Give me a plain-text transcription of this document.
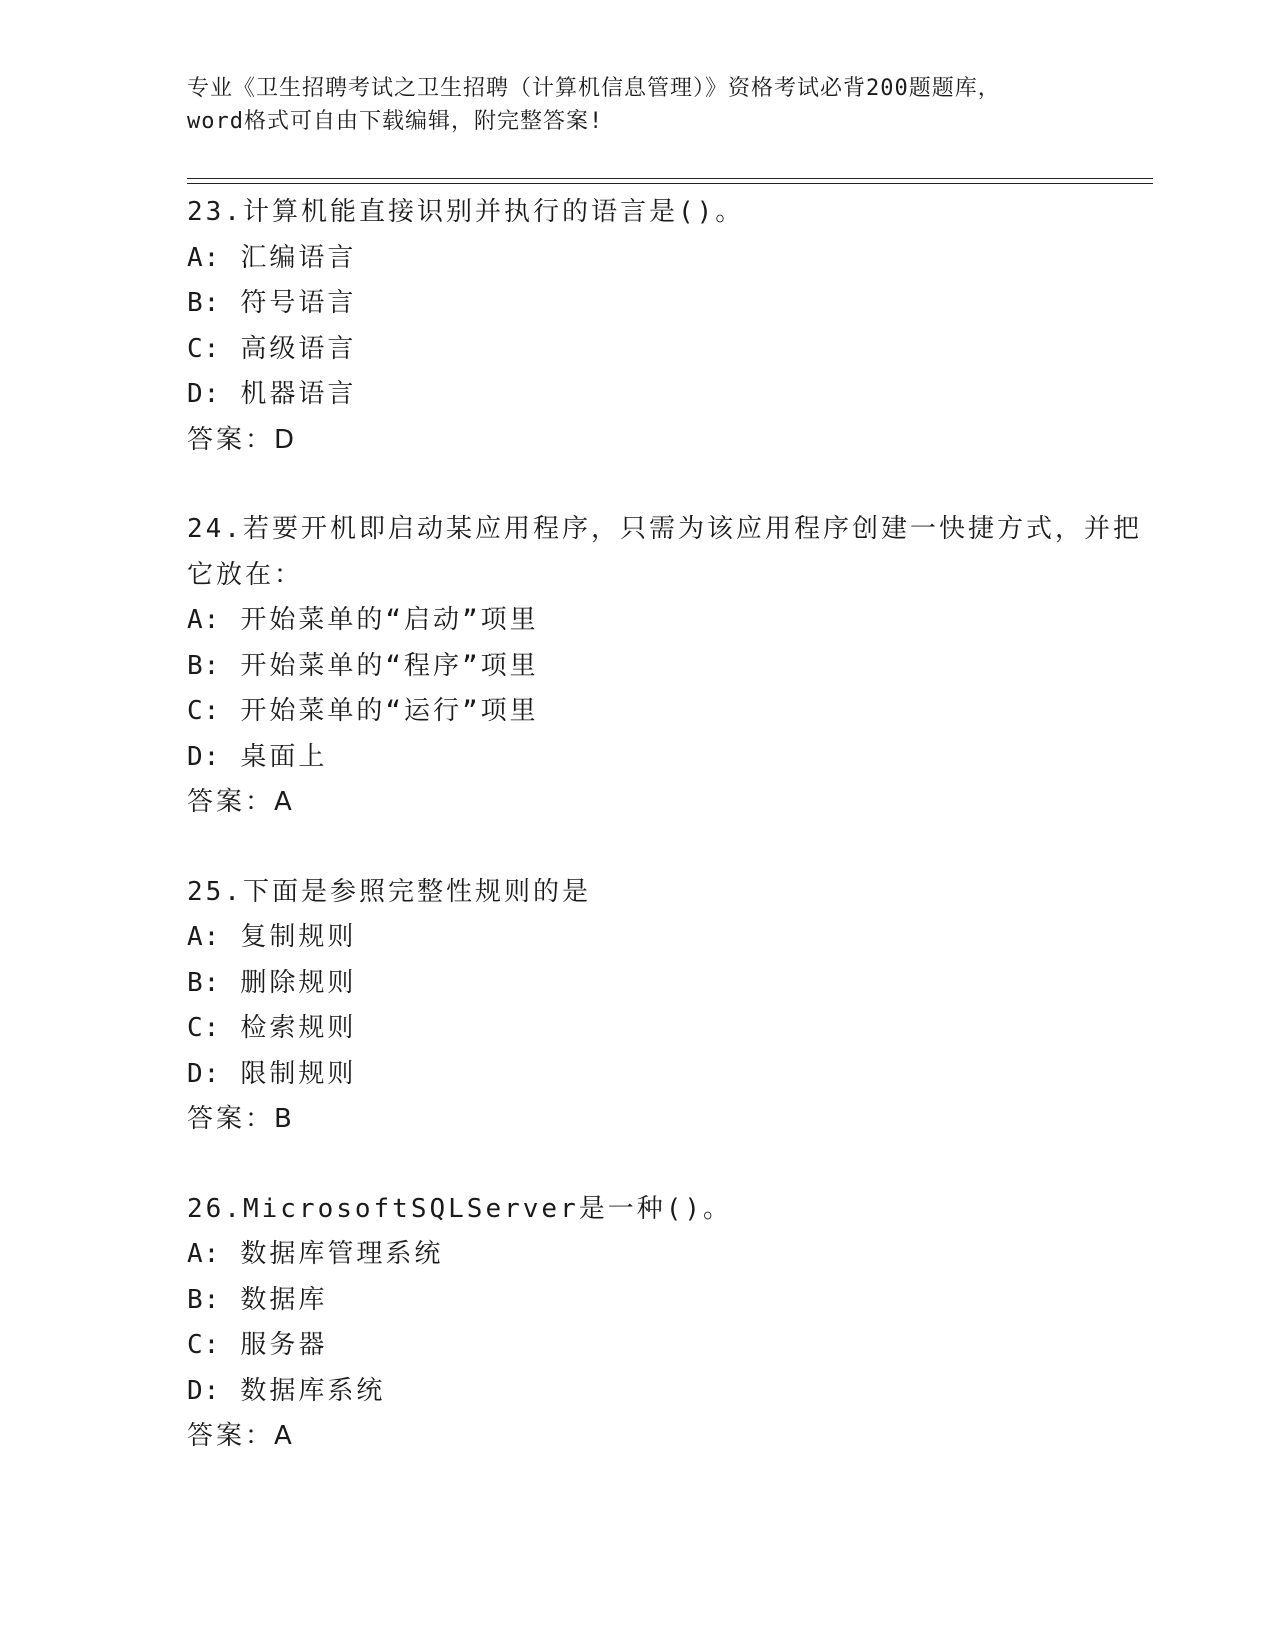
专业《卫生招聘考试之卫生招聘（计算机信息管理）》资格考试必背200题题库，
word格式可自由下载编辑，附完整答案!
23.计算机能直接识别并执行的语言是()。
A: 汇编语言
B: 符号语言
C: 高级语言
D: 机器语言
答案：D
24.若要开机即启动某应用程序，只需为该应用程序创建一快捷方式，并把它放在：
A: 开始菜单的“启动”项里
B: 开始菜单的“程序”项里
C: 开始菜单的“运行”项里
D: 桌面上
答案：A
25.下面是参照完整性规则的是
A: 复制规则
B: 删除规则
C: 检索规则
D: 限制规则
答案：B
26.MicrosoftSQLServer是一种()。
A: 数据库管理系统
B: 数据库
C: 服务器
D: 数据库系统
答案：A
